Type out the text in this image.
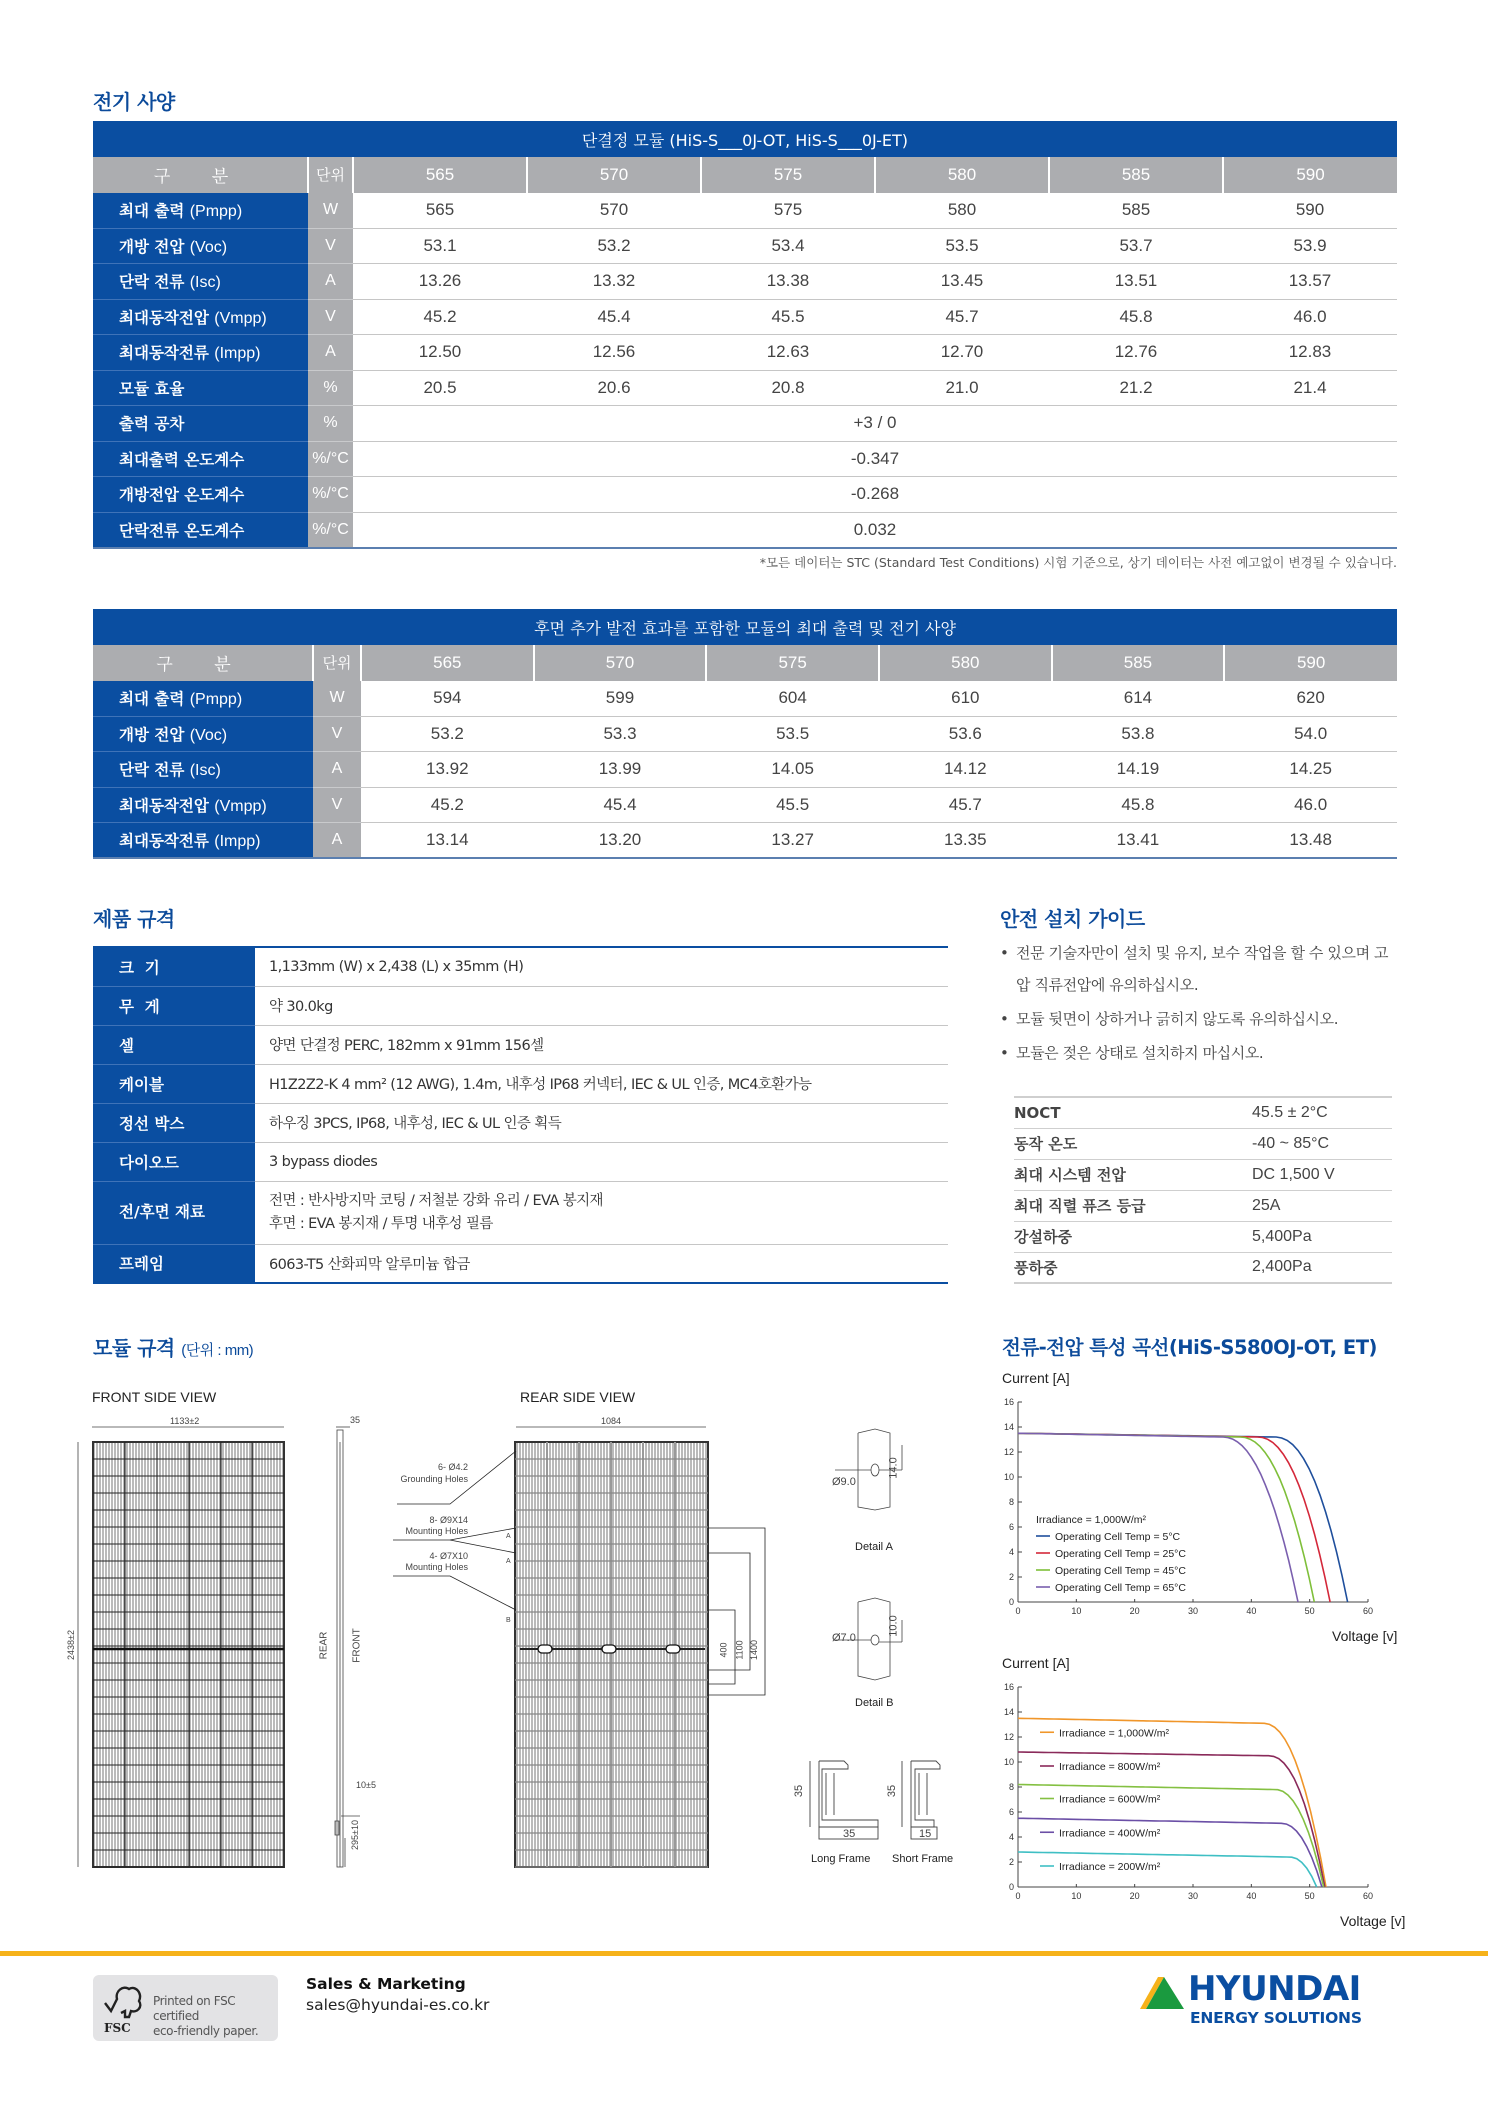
전기 사양
단결정 모듈 (HiS-S___0J-OT, HiS-S___0J-ET)							
구 분	단위	565	570	575	580	585	590
최대 출력 (Pmpp)	W	565	570	575	580	585	590
개방 전압 (Voc)	V	53.1	53.2	53.4	53.5	53.7	53.9
단락 전류 (Isc)	A	13.26	13.32	13.38	13.45	13.51	13.57
최대동작전압 (Vmpp)	V	45.2	45.4	45.5	45.7	45.8	46.0
최대동작전류 (Impp)	A	12.50	12.56	12.63	12.70	12.76	12.83
모듈 효율	%	20.5	20.6	20.8	21.0	21.2	21.4
출력 공차	%	+3 / 0					
최대출력 온도계수	%/°C	-0.347					
개방전압 온도계수	%/°C	-0.268					
단락전류 온도계수	%/°C	0.032					
*모든 데이터는 STC (Standard Test Conditions) 시험 기준으로, 상기 데이터는 사전 예고없이 변경될 수 있습니다.
후면 추가 발전 효과를 포함한 모듈의 최대 출력 및 전기 사양							
구 분	단위	565	570	575	580	585	590
최대 출력 (Pmpp)	W	594	599	604	610	614	620
개방 전압 (Voc)	V	53.2	53.3	53.5	53.6	53.8	54.0
단락 전류 (Isc)	A	13.92	13.99	14.05	14.12	14.19	14.25
최대동작전압 (Vmpp)	V	45.2	45.4	45.5	45.7	45.8	46.0
최대동작전류 (Impp)	A	13.14	13.20	13.27	13.35	13.41	13.48
제품 규격
크  기	1,133mm (W) x 2,438 (L) x 35mm (H)
무  게	약 30.0kg
셀	양면 단결정 PERC, 182mm x 91mm 156셀
케이블	H1Z2Z2-K 4 mm² (12 AWG), 1.4m, 내후성 IP68 커넥터, IEC & UL 인증, MC4호환가능
정선 박스	하우징 3PCS, IP68, 내후성, IEC & UL 인증 획득
다이오드	3 bypass diodes
전/후면 재료	전면 : 반사방지막 코팅 / 저철분 강화 유리 / EVA 봉지재
후면 : EVA 봉지재 / 투명 내후성 필름

프레임	6063-T5 산화피막 알루미늄 합금
안전 설치 가이드
• 전문 기술자만이 설치 및 유지, 보수 작업을 할 수 있으며 고압 직류전압에 유의하십시오.
• 모듈 뒷면이 상하거나 긁히지 않도록 유의하십시오.
• 모듈은 젖은 상태로 설치하지 마십시오.
NOCT	45.5 ± 2°C
동작 온도	-40 ~ 85°C
최대 시스템 전압	DC 1,500 V
최대 직렬 퓨즈 등급	25A
강설하중	5,400Pa
풍하중	2,400Pa
모듈 규격 (단위 : mm)
FRONT SIDE VIEW	REAR SIDE VIEW
1133±2
2438±2
35
REAR FRONT
10±5
295±10
1084
6- Ø4.2
Grounding Holes
8- Ø9X14
Mounting Holes
4- Ø7X10
Mounting Holes
A
A
B
400 1100 1400
Ø9.0
14.0
Detail A
Ø7.0
10.0
Detail B
35
35
Long Frame
35
15
Short Frame
전류-전압 특성 곡선(HiS-S580OJ-OT, ET)
Current [A]
0
2
4
6
8
10
12
14
16
0	10	20	30	40	50	60
Operating Cell Temp = 5°C
Operating Cell Temp = 25°C
Operating Cell Temp = 45°C
Operating Cell Temp = 65°C
Irradiance = 1,000W/m²
Voltage [v]
Current [A]
0
2
4
6
8
10
12
14
16
0	10	20	30	40	50	60
Irradiance = 1,000W/m²
Irradiance = 800W/m²
Irradiance = 600W/m²
Irradiance = 400W/m²
Irradiance = 200W/m²
Voltage [v]
FSC
Printed on FSC certified
eco-friendly paper.
Sales & Marketing
sales@hyundai-es.co.kr	HYUNDAI
ENERGY SOLUTIONS
